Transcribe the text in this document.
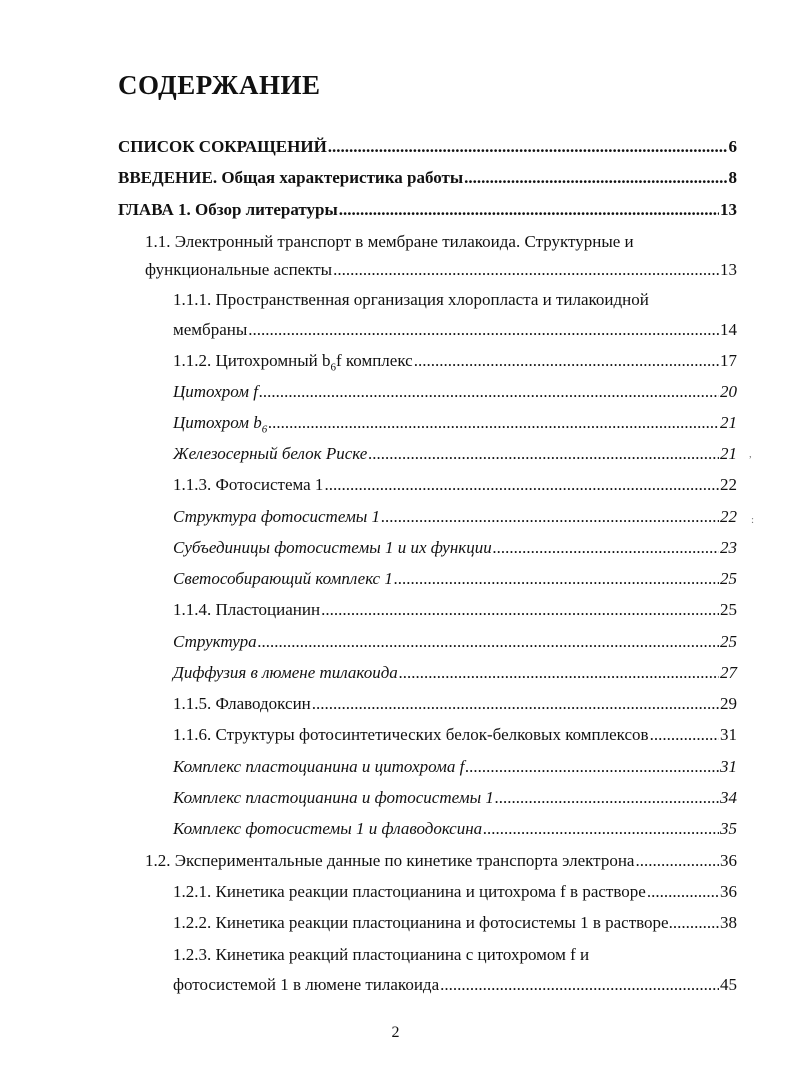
СОДЕРЖАНИЕ
СПИСОК СОКРАЩЕНИЙ .....	6
ВВЕДЕНИЕ. Общая характеристика работы .....	8
ГЛАВА 1. Обзор литературы .....	13
1.1. Электронный транспорт в мембране тилакоида. Структурные и
функциональные аспекты .....	13
1.1.1. Пространственная организация хлоропласта и тилакоидной
мембраны .....	14
1.1.2. Цитохромный $b_6f$ комплекс .....	17
Цитохром f .....	20
Цитохром $b_6$ .....	21
Железосерный белок Риске .....	21
1.1.3. Фотосистема 1 .....	22
Структура фотосистемы 1 .....	22
Субъединицы фотосистемы 1 и их функции .....	23
Светособирающий комплекс 1 .....	25
1.1.4. Пластоцианин .....	25
Структура .....	25
Диффузия в люмене тилакоида .....	27
1.1.5. Флаводоксин .....	29
1.1.6. Структуры фотосинтетических белок-белковых комплексов .....	31
Комплекс пластоцианина и цитохрома f .....	31
Комплекс пластоцианина и фотосистемы 1 .....	34
Комплекс фотосистемы 1 и флаводоксина .....	35
1.2. Экспериментальные данные по кинетике транспорта электрона .....	36
1.2.1. Кинетика реакции пластоцианина и цитохрома f в растворе .....	36
1.2.2. Кинетика реакции пластоцианина и фотосистемы 1 в растворе .....	38
1.2.3. Кинетика реакций пластоцианина с цитохромом f и
фотосистемой 1 в люмене тилакоида .....	45
2
,
:
